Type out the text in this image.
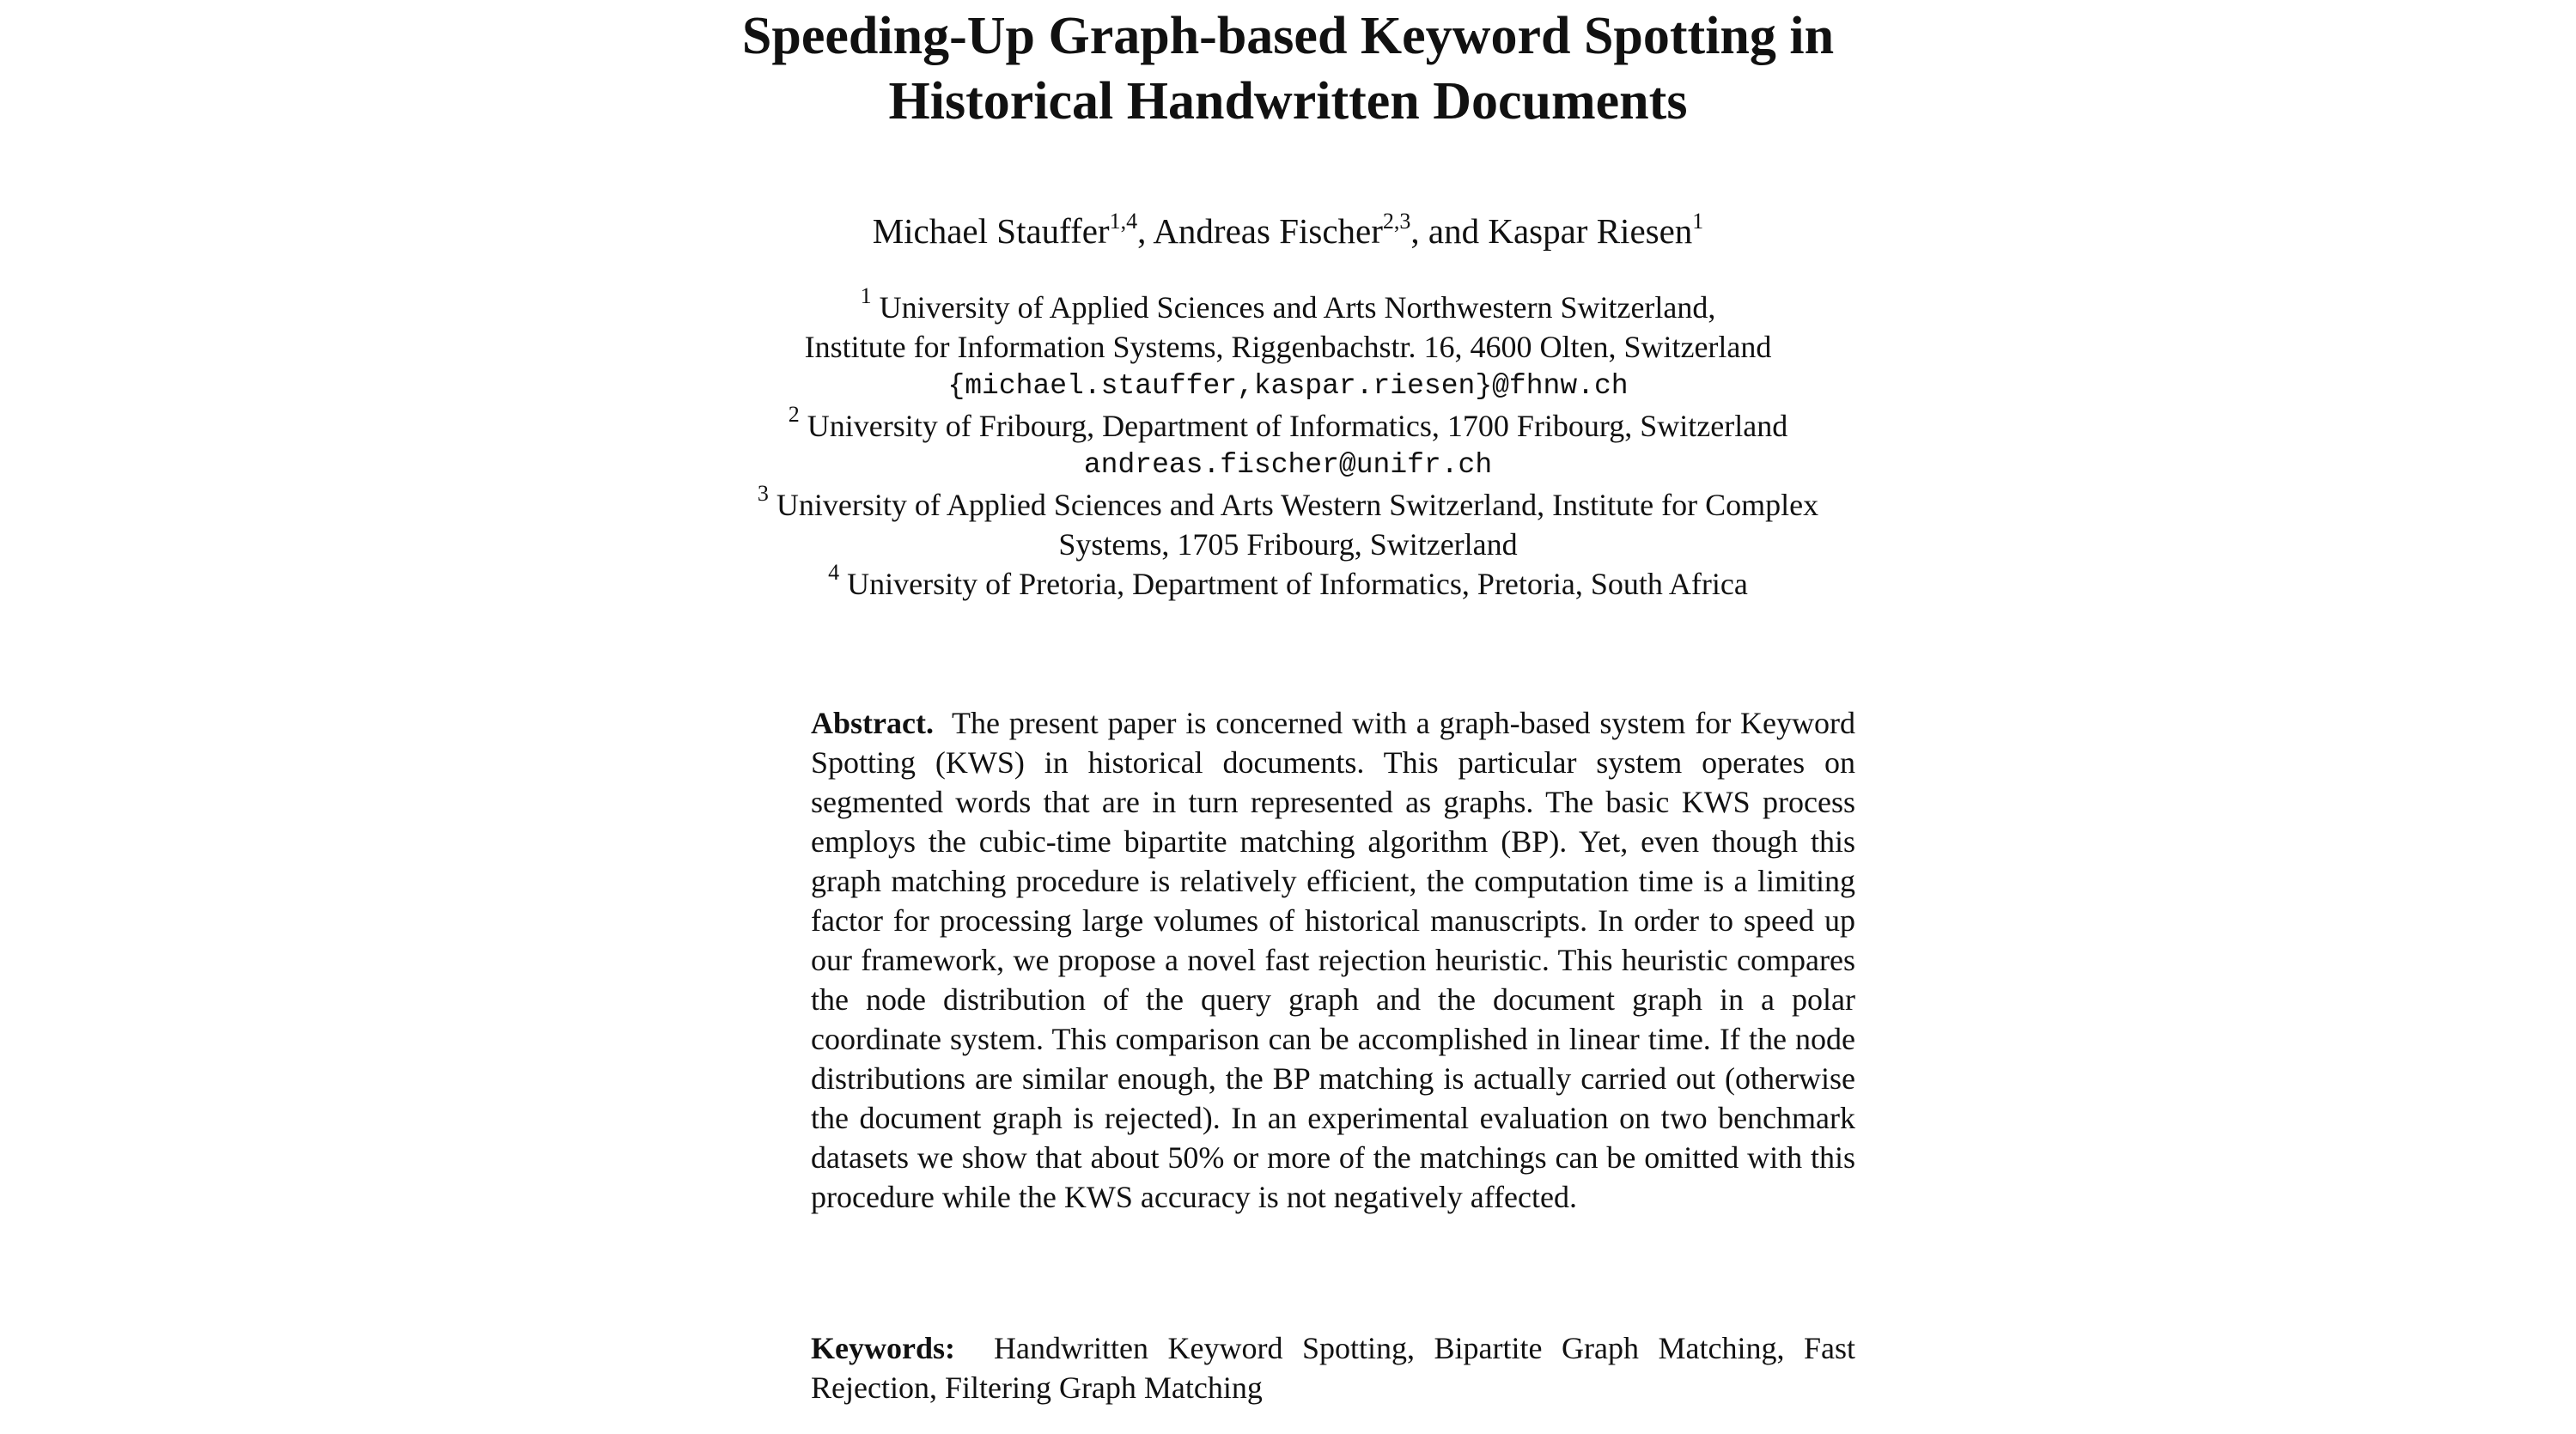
Speeding-Up Graph-based Keyword Spotting in
Historical Handwritten Documents
Michael Stauffer$^{1,4}$, Andreas Fischer$^{2,3}$, and Kaspar Riesen$^1$
$^1$ University of Applied Sciences and Arts Northwestern Switzerland,
Institute for Information Systems, Riggenbachstr. 16, 4600 Olten, Switzerland
{michael.stauffer,kaspar.riesen}@fhnw.ch
$^2$ University of Fribourg, Department of Informatics, 1700 Fribourg, Switzerland
andreas.fischer@unifr.ch
$^3$ University of Applied Sciences and Arts Western Switzerland, Institute for Complex
Systems, 1705 Fribourg, Switzerland
$^4$ University of Pretoria, Department of Informatics, Pretoria, South Africa

Abstract. The present paper is concerned with a graph-based system for Keyword Spotting (KWS) in historical documents. This particular system operates on segmented words that are in turn represented as graphs. The basic KWS process employs the cubic-time bipartite matching algorithm (BP). Yet, even though this graph matching procedure is relatively efficient, the computation time is a limiting factor for processing large volumes of historical manuscripts. In order to speed up our framework, we propose a novel fast rejection heuristic. This heuristic compares the node distribution of the query graph and the document graph in a polar coordinate system. This comparison can be accomplished in linear time. If the node distributions are similar enough, the BP matching is actually carried out (otherwise the document graph is rejected). In an experimental evaluation on two benchmark datasets we show that about 50% or more of the matchings can be omitted with this procedure while the KWS accuracy is not negatively affected.

Keywords: Handwritten Keyword Spotting, Bipartite Graph Matching, Fast Rejection, Filtering Graph Matching
